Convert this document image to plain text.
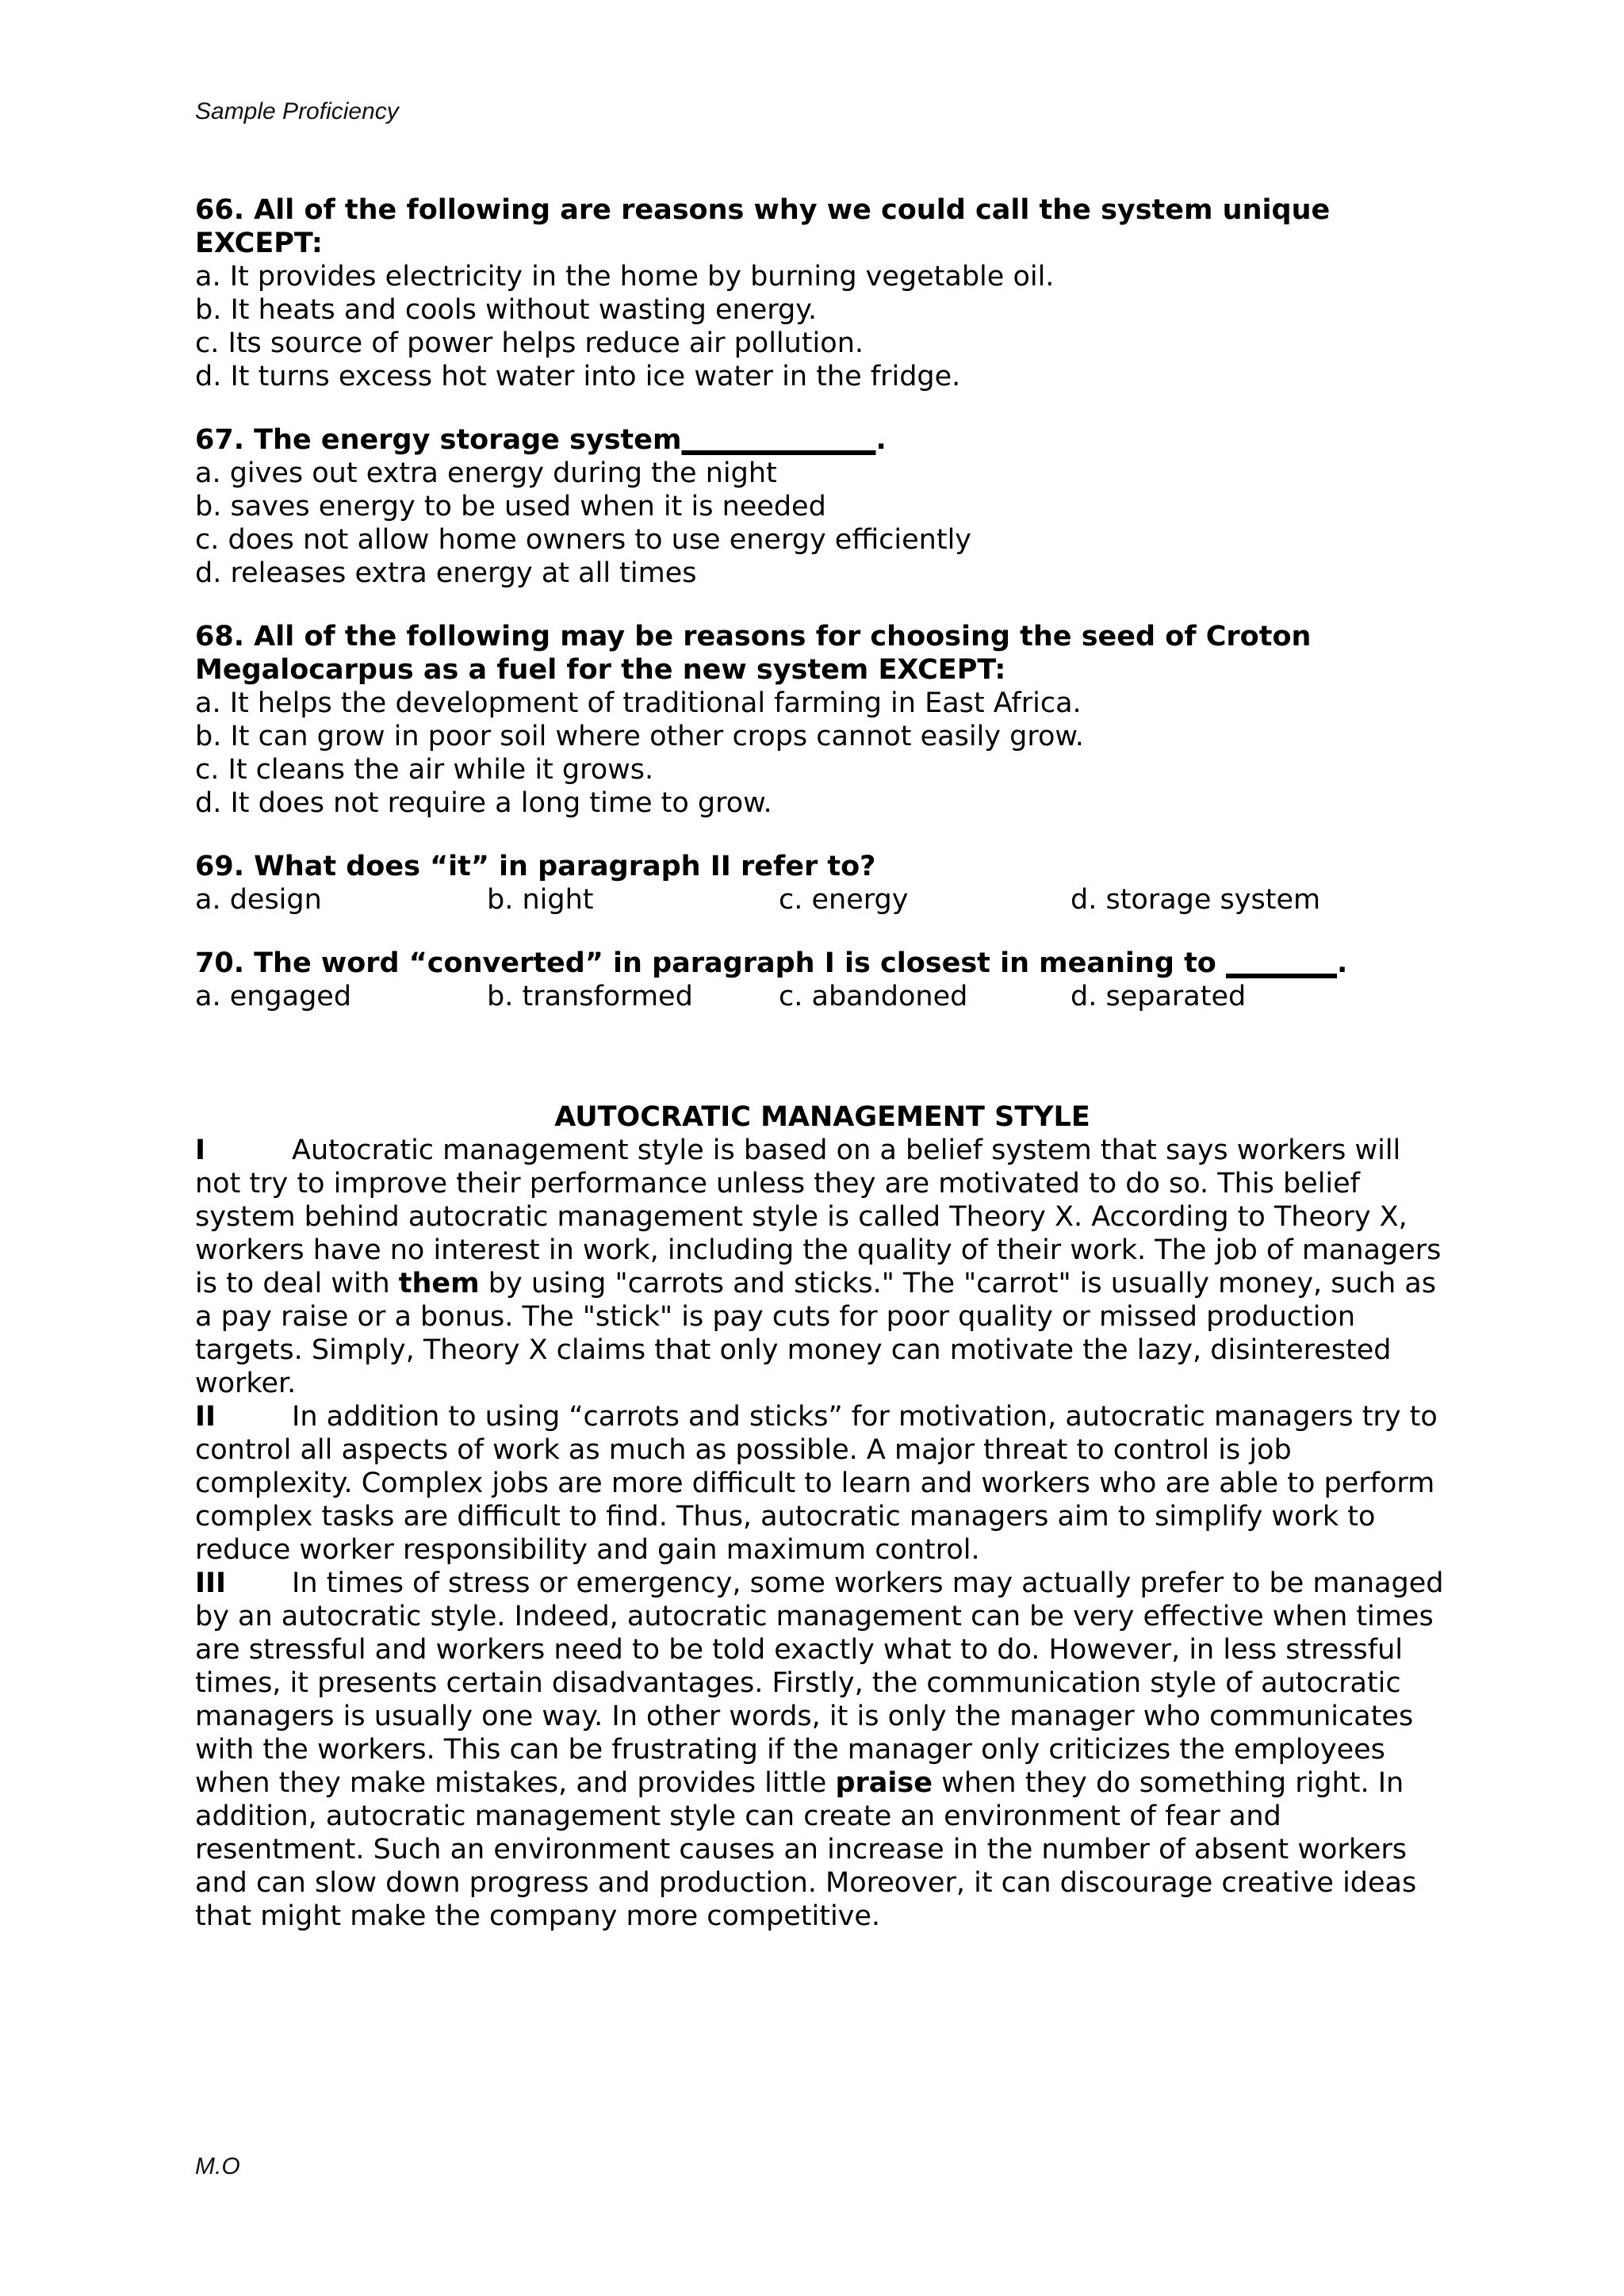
Sample Proficiency
66. All of the following are reasons why we could call the system unique EXCEPT:
a. It provides electricity in the home by burning vegetable oil.
b. It heats and cools without wasting energy.
c. Its source of power helps reduce air pollution.
d. It turns excess hot water into ice water in the fridge.
67. The energy storage system______________.
a. gives out extra energy during the night
b. saves energy to be used when it is needed
c. does not allow home owners to use energy efficiently
d. releases extra energy at all times
68. All of the following may be reasons for choosing the seed of Croton Megalocarpus as a fuel for the new system EXCEPT:
a. It helps the development of traditional farming in East Africa.
b. It can grow in poor soil where other crops cannot easily grow.
c. It cleans the air while it grows.
d. It does not require a long time to grow.
69. What does “it” in paragraph II refer to?
a. design	b. night	c. energy	d. storage system
70. The word “converted” in paragraph I is closest in meaning to ________.
a. engaged	b. transformed	c. abandoned	d. separated
AUTOCRATIC MANAGEMENT STYLE

I	Autocratic management style is based on a belief system that says workers will not try to improve their performance unless they are motivated to do so. This belief system behind autocratic management style is called Theory X. According to Theory X, workers have no interest in work, including the quality of their work. The job of managers is to deal with them by using "carrots and sticks." The "carrot" is usually money, such as a pay raise or a bonus. The "stick" is pay cuts for poor quality or missed production targets. Simply, Theory X claims that only money can motivate the lazy, disinterested worker.

II	In addition to using “carrots and sticks” for motivation, autocratic managers try to control all aspects of work as much as possible. A major threat to control is job complexity. Complex jobs are more difficult to learn and workers who are able to perform complex tasks are difficult to find. Thus, autocratic managers aim to simplify work to reduce worker responsibility and gain maximum control.

III In times of stress or emergency, some workers may actually prefer to be managed by an autocratic style. Indeed, autocratic management can be very effective when times are stressful and workers need to be told exactly what to do. However, in less stressful times, it presents certain disadvantages. Firstly, the communication style of autocratic managers is usually one way. In other words, it is only the manager who communicates with the workers. This can be frustrating if the manager only criticizes the employees when they make mistakes, and provides little praise when they do something right. In addition, autocratic management style can create an environment of fear and resentment. Such an environment causes an increase in the number of absent workers and can slow down progress and production. Moreover, it can discourage creative ideas that might make the company more competitive.

M.O
